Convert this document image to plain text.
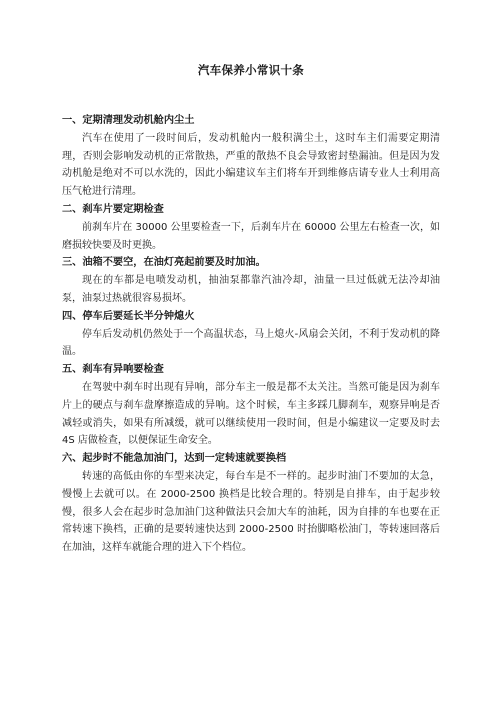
汽车保养小常识十条
一、定期清理发动机舱内尘土
汽车在使用了一段时间后，发动机舱内一般积满尘土，这时车主们需要定期清理，否则会影响发动机的正常散热，严重的散热不良会导致密封垫漏油。但是因为发动机舱是绝对不可以水洗的，因此小编建议车主们将车开到维修店请专业人士利用高压气枪进行清理。
二、刹车片要定期检查
前刹车片在 30000 公里要检查一下，后刹车片在 60000 公里左右检查一次，如磨损较快要及时更换。
三、油箱不要空，在油灯亮起前要及时加油。
现在的车都是电喷发动机，抽油泵都靠汽油冷却，油量一旦过低就无法冷却油泵，油泵过热就很容易损坏。
四、停车后要延长半分钟熄火
停车后发动机仍然处于一个高温状态，马上熄火-风扇会关闭，不利于发动机的降温。
五、刹车有异响要检查
在驾驶中刹车时出现有异响，部分车主一般是都不太关注。当然可能是因为刹车片上的硬点与刹车盘摩擦造成的异响。这个时候，车主多踩几脚刹车，观察异响是否减轻或消失，如果有所减缓，就可以继续使用一段时间，但是小编建议一定要及时去 4S 店做检查，以便保证生命安全。
六、起步时不能急加油门，达到一定转速就要换档
转速的高低由你的车型来决定，每台车是不一样的。起步时油门不要加的太急，慢慢上去就可以。在 2000-2500 换档是比较合理的。特别是自排车，由于起步较慢，很多人会在起步时急加油门这种做法只会加大车的油耗，因为自排的车也要在正常转速下换档，正确的是要转速快达到 2000-2500 时抬脚略松油门，等转速回落后在加油，这样车就能合理的进入下个档位。
